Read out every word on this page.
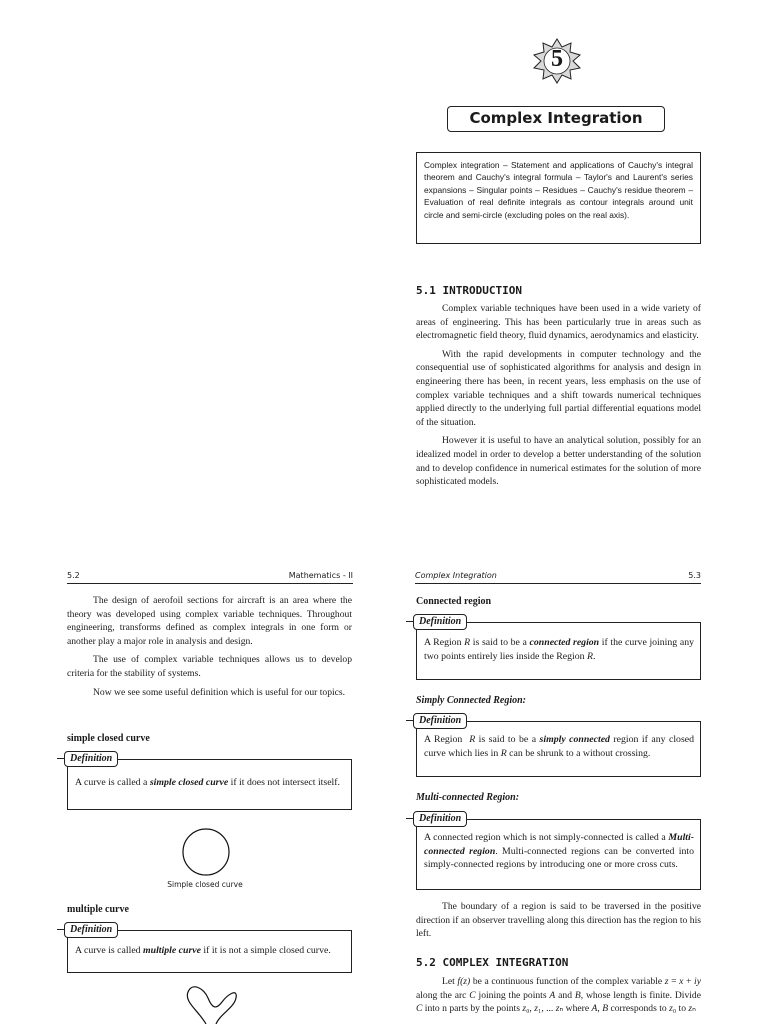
5
Complex Integration

Complex integration – Statement and applications of Cauchy's integral theorem and Cauchy's integral formula – Taylor's and Laurent's series expansions – Singular points – Residues – Cauchy's residue theorem – Evaluation of real definite integrals as contour integrals around unit circle and semi-circle (excluding poles on the real axis).

5.1 INTRODUCTION

Complex variable techniques have been used in a wide variety of areas of engineering. This has been particularly true in areas such as electromagnetic field theory, fluid dynamics, aerodynamics and elasticity.

With the rapid developments in computer technology and the consequential use of sophisticated algorithms for analysis and design in engineering there has been, in recent years, less emphasis on the use of complex variable techniques and a shift towards numerical techniques applied directly to the underlying full partial differential equations model of the situation.

However it is useful to have an analytical solution, possibly for an idealized model in order to develop a better understanding of the solution and to develop confidence in numerical estimates for the solution of more sophisticated models.

5.2	Mathematics - II

The design of aerofoil sections for aircraft is an area where the theory was developed using complex variable techniques. Throughout engineering, transforms defined as complex integrals in one form or another play a major role in analysis and design.

The use of complex variable techniques allows us to develop criteria for the stability of systems.

Now we see some useful definition which is useful for our topics.

simple closed curve
Definition

A curve is called a simple closed curve if it does not intersect itself.

Simple closed curve
multiple curve
Definition

A curve is called multiple curve if it is not a simple closed curve.

Complex Integration	5.3
Connected region
Definition

A Region R is said to be a connected region if the curve joining any two points entirely lies inside the Region R.

Simply Connected Region:
Definition

A Region  R is said to be a simply connected region if any closed curve which lies in R can be shrunk to a without crossing.

Multi-connected Region:
Definition

A connected region which is not simply-connected is called a Multi-connected region. Multi-connected regions can be converted into simply-connected regions by introducing one or more cross cuts.

The boundary of a region is said to be traversed in the positive direction if an observer travelling along this direction has the region to his left.

5.2 COMPLEX INTEGRATION

Let f(z) be a continuous function of the complex variable z = x + iy along the arc C joining the points A and B, whose length is finite. Divide C into n parts by the points z₀, z₁, ... zₙ where A, B corresponds to z₀ to zₙ
